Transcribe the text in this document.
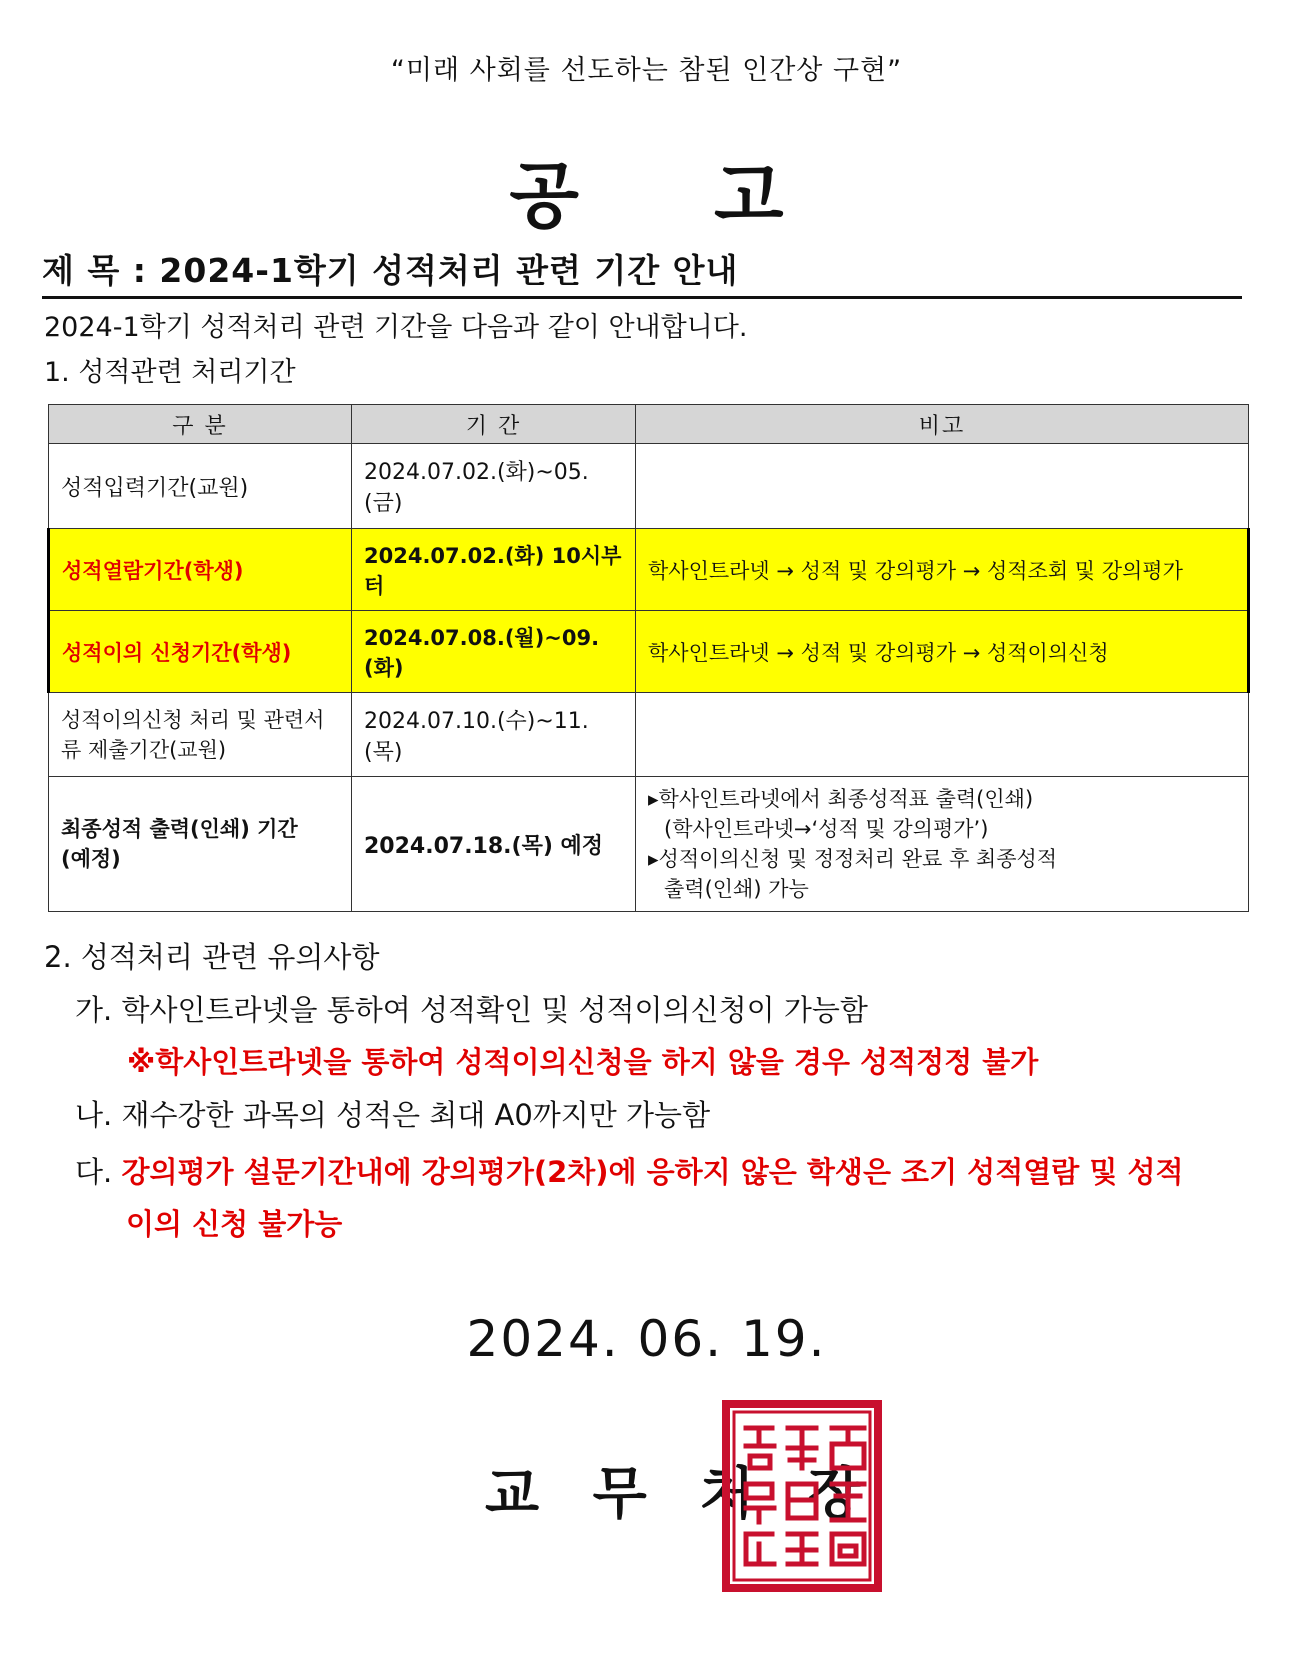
“미래 사회를 선도하는 참된 인간상 구현”
공 고
제 목 : 2024-1학기 성적처리 관련 기간 안내
2024-1학기 성적처리 관련 기간을 다음과 같이 안내합니다.
1. 성적관련 처리기간
구 분	기 간	비고
성적입력기간(교원)	2024.07.02.(화)~05.(금)	
성적열람기간(학생)	2024.07.02.(화) 10시부터	학사인트라넷 → 성적 및 강의평가 → 성적조회 및 강의평가
성적이의 신청기간(학생)	2024.07.08.(월)~09.(화)	학사인트라넷 → 성적 및 강의평가 → 성적이의신청

성적이의신청 처리 및 관련서
류 제출기간(교원)	2024.07.10.(수)~11.(목)	

최종성적 출력(인쇄) 기간
(예정)	2024.07.18.(목) 예정	▸학사인트라넷에서 최종성적표 출력(인쇄)
(학사인트라넷→‘성적 및 강의평가’)
▸성적이의신청 및 정정처리 완료 후 최종성적
출력(인쇄) 가능
2. 성적처리 관련 유의사항
가. 학사인트라넷을 통하여 성적확인 및 성적이의신청이 가능함
※학사인트라넷을 통하여 성적이의신청을 하지 않을 경우 성적정정 불가
나. 재수강한 과목의 성적은 최대 A0까지만 가능함
다. 강의평가 설문기간내에 강의평가(2차)에 응하지 않은 학생은 조기 성적열람 및 성적
이의 신청 불가능
2024. 06. 19.
교 무 처 장
